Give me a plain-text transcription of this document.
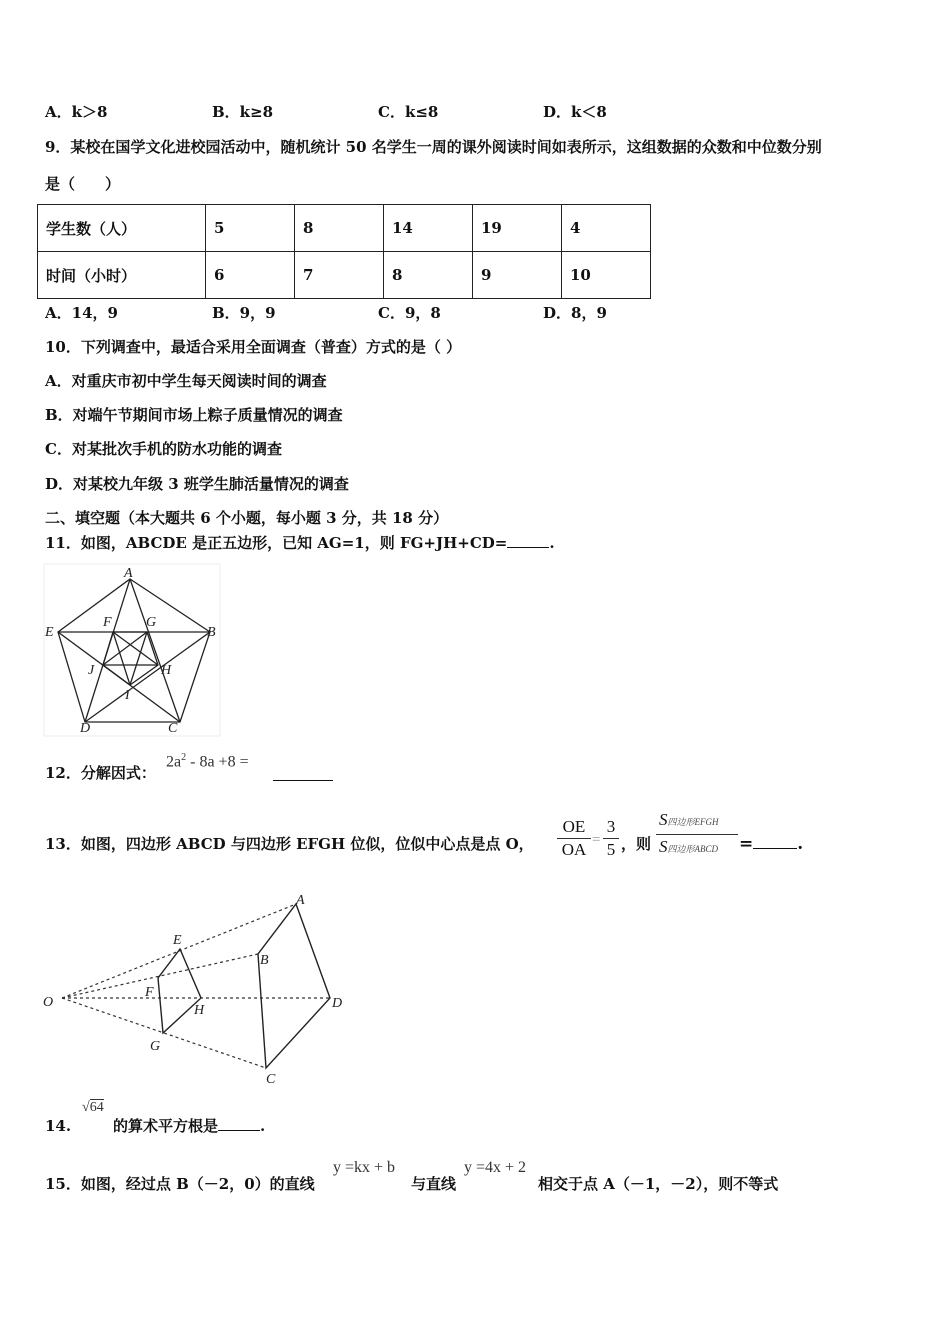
A．k＞8	B．k≥8	C．k≤8	D．k＜8
9．某校在国学文化进校园活动中，随机统计 50 名学生一周的课外阅读时间如表所示，这组数据的众数和中位数分别
是（　　）
学生数（人）	5	8	14	19	4
时间（小时）	6	7	8	9	10
A．14，9	B．9，9	C．9，8	D．8，9
10．下列调查中，最适合采用全面调查（普查）方式的是（ ）
A．对重庆市初中学生每天阅读时间的调查
B．对端午节期间市场上粽子质量情况的调查
C．对某批次手机的防水功能的调查
D．对某校九年级 3 班学生肺活量情况的调查
二、填空题（本大题共 6 个小题，每小题 3 分，共 18 分）
11．如图，ABCDE 是正五边形，已知 AG=1，则 FG+JH+CD=	.
A
B
C
D
E
F G
H
I
J
12．分解因式：
$2a^2 - 8a +8$ =
13．如图，四边形 ABCD 与四边形 EFGH 位似，位似中心点是点 O， $\frac{OE}{OA} = \frac{3}{5}$ ，则
S四边形EFGH
S四边形ABCD	=	.
O
A
B
C
D
E
F
G
H
14.
√64
的算术平方根是	.
15．如图，经过点 B（－2，0）的直线
y =kx + b
与直线
y =4x + 2
相交于点 A（－1，－2），则不等式
